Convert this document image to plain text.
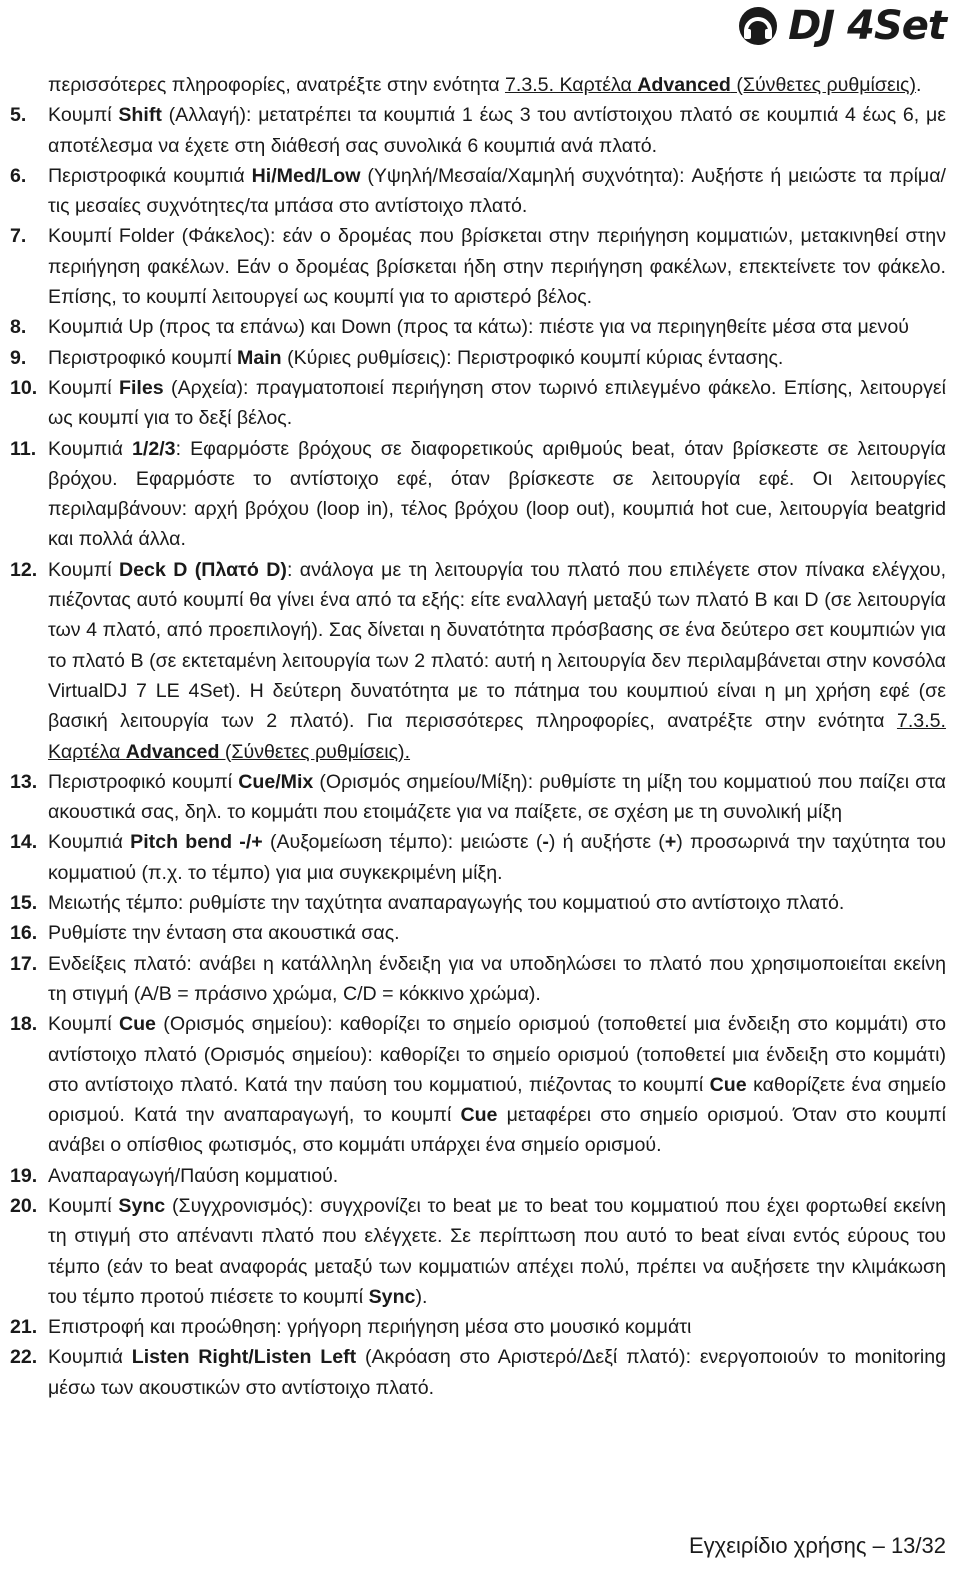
DJ 4Set

περισσότερες πληροφορίες, ανατρέξτε στην ενότητα 7.3.5. Καρτέλα Advanced (Σύνθετες ρυθμίσεις).

5. Κουμπί Shift (Αλλαγή): μετατρέπει τα κουμπιά 1 έως 3 του αντίστοιχου πλατό σε κουμπιά 4 έως 6, με αποτέλεσμα να έχετε στη διάθεσή σας συνολικά 6 κουμπιά ανά πλατό.

6. Περιστροφικά κουμπιά Hi/Med/Low (Υψηλή/Μεσαία/Χαμηλή συχνότητα): Αυξήστε ή μειώστε τα πρίμα/τις μεσαίες συχνότητες/τα μπάσα στο αντίστοιχο πλατό.

7. Κουμπί Folder (Φάκελος): εάν ο δρομέας που βρίσκεται στην περιήγηση κομματιών, μετακινηθεί στην περιήγηση φακέλων. Εάν ο δρομέας βρίσκεται ήδη στην περιήγηση φακέλων, επεκτείνετε τον φάκελο. Επίσης, το κουμπί λειτουργεί ως κουμπί για το αριστερό βέλος.

8. Κουμπιά Up (προς τα επάνω) και Down (προς τα κάτω): πιέστε για να περιηγηθείτε μέσα στα μενού

9. Περιστροφικό κουμπί Main (Κύριες ρυθμίσεις): Περιστροφικό κουμπί κύριας έντασης.

10. Κουμπί Files (Αρχεία): πραγματοποιεί περιήγηση στον τωρινό επιλεγμένο φάκελο. Επίσης, λειτουργεί ως κουμπί για το δεξί βέλος.

11. Κουμπιά 1/2/3: Εφαρμόστε βρόχους σε διαφορετικούς αριθμούς beat, όταν βρίσκεστε σε λειτουργία βρόχου. Εφαρμόστε το αντίστοιχο εφέ, όταν βρίσκεστε σε λειτουργία εφέ. Οι λειτουργίες περιλαμβάνουν: αρχή βρόχου (loop in), τέλος βρόχου (loop out), κουμπιά hot cue, λειτουργία beatgrid και πολλά άλλα.

12. Κουμπί Deck D (Πλατό D): ανάλογα με τη λειτουργία του πλατό που επιλέγετε στον πίνακα ελέγχου, πιέζοντας αυτό κουμπί θα γίνει ένα από τα εξής: είτε εναλλαγή μεταξύ των πλατό B και D (σε λειτουργία των 4 πλατό, από προεπιλογή). Σας δίνεται η δυνατότητα πρόσβασης σε ένα δεύτερο σετ κουμπιών για το πλατό B (σε εκτεταμένη λειτουργία των 2 πλατό: αυτή η λειτουργία δεν περιλαμβάνεται στην κονσόλα VirtualDJ 7 LE 4Set). Η δεύτερη δυνατότητα με το πάτημα του κουμπιού είναι η μη χρήση εφέ (σε βασική λειτουργία των 2 πλατό). Για περισσότερες πληροφορίες, ανατρέξτε στην ενότητα 7.3.5. Καρτέλα Advanced (Σύνθετες ρυθμίσεις).

13. Περιστροφικό κουμπί Cue/Mix (Ορισμός σημείου/Μίξη): ρυθμίστε τη μίξη του κομματιού που παίζει στα ακουστικά σας, δηλ. το κομμάτι που ετοιμάζετε για να παίξετε, σε σχέση με τη συνολική μίξη

14. Κουμπιά Pitch bend -/+ (Αυξομείωση τέμπο): μειώστε (-) ή αυξήστε (+) προσωρινά την ταχύτητα του κομματιού (π.χ. το τέμπο) για μια συγκεκριμένη μίξη.

15. Μειωτής τέμπο: ρυθμίστε την ταχύτητα αναπαραγωγής του κομματιού στο αντίστοιχο πλατό.

16. Ρυθμίστε την ένταση στα ακουστικά σας.

17. Ενδείξεις πλατό: ανάβει η κατάλληλη ένδειξη για να υποδηλώσει το πλατό που χρησιμοποιείται εκείνη τη στιγμή (A/B = πράσινο χρώμα, C/D = κόκκινο χρώμα).

18. Κουμπί Cue (Ορισμός σημείου): καθορίζει το σημείο ορισμού (τοποθετεί μια ένδειξη στο κομμάτι) στο αντίστοιχο πλατό (Ορισμός σημείου): καθορίζει το σημείο ορισμού (τοποθετεί μια ένδειξη στο κομμάτι) στο αντίστοιχο πλατό. Κατά την παύση του κομματιού, πιέζοντας το κουμπί Cue καθορίζετε ένα σημείο ορισμού. Κατά την αναπαραγωγή, το κουμπί Cue μεταφέρει στο σημείο ορισμού. Όταν στο κουμπί ανάβει ο οπίσθιος φωτισμός, στο κομμάτι υπάρχει ένα σημείο ορισμού.

19. Αναπαραγωγή/Παύση κομματιού.

20. Κουμπί Sync (Συγχρονισμός): συγχρονίζει το beat με το beat του κομματιού που έχει φορτωθεί εκείνη τη στιγμή στο απέναντι πλατό που ελέγχετε. Σε περίπτωση που αυτό το beat είναι εντός εύρους του τέμπο (εάν το beat αναφοράς μεταξύ των κομματιών απέχει πολύ, πρέπει να αυξήσετε την κλιμάκωση του τέμπο προτού πιέσετε το κουμπί Sync).

21. Επιστροφή και προώθηση: γρήγορη περιήγηση μέσα στο μουσικό κομμάτι

22. Κουμπιά Listen Right/Listen Left (Ακρόαση στο Αριστερό/Δεξί πλατό): ενεργοποιούν το monitoring μέσω των ακουστικών στο αντίστοιχο πλατό.

Εγχειρίδιο χρήσης – 13/32
